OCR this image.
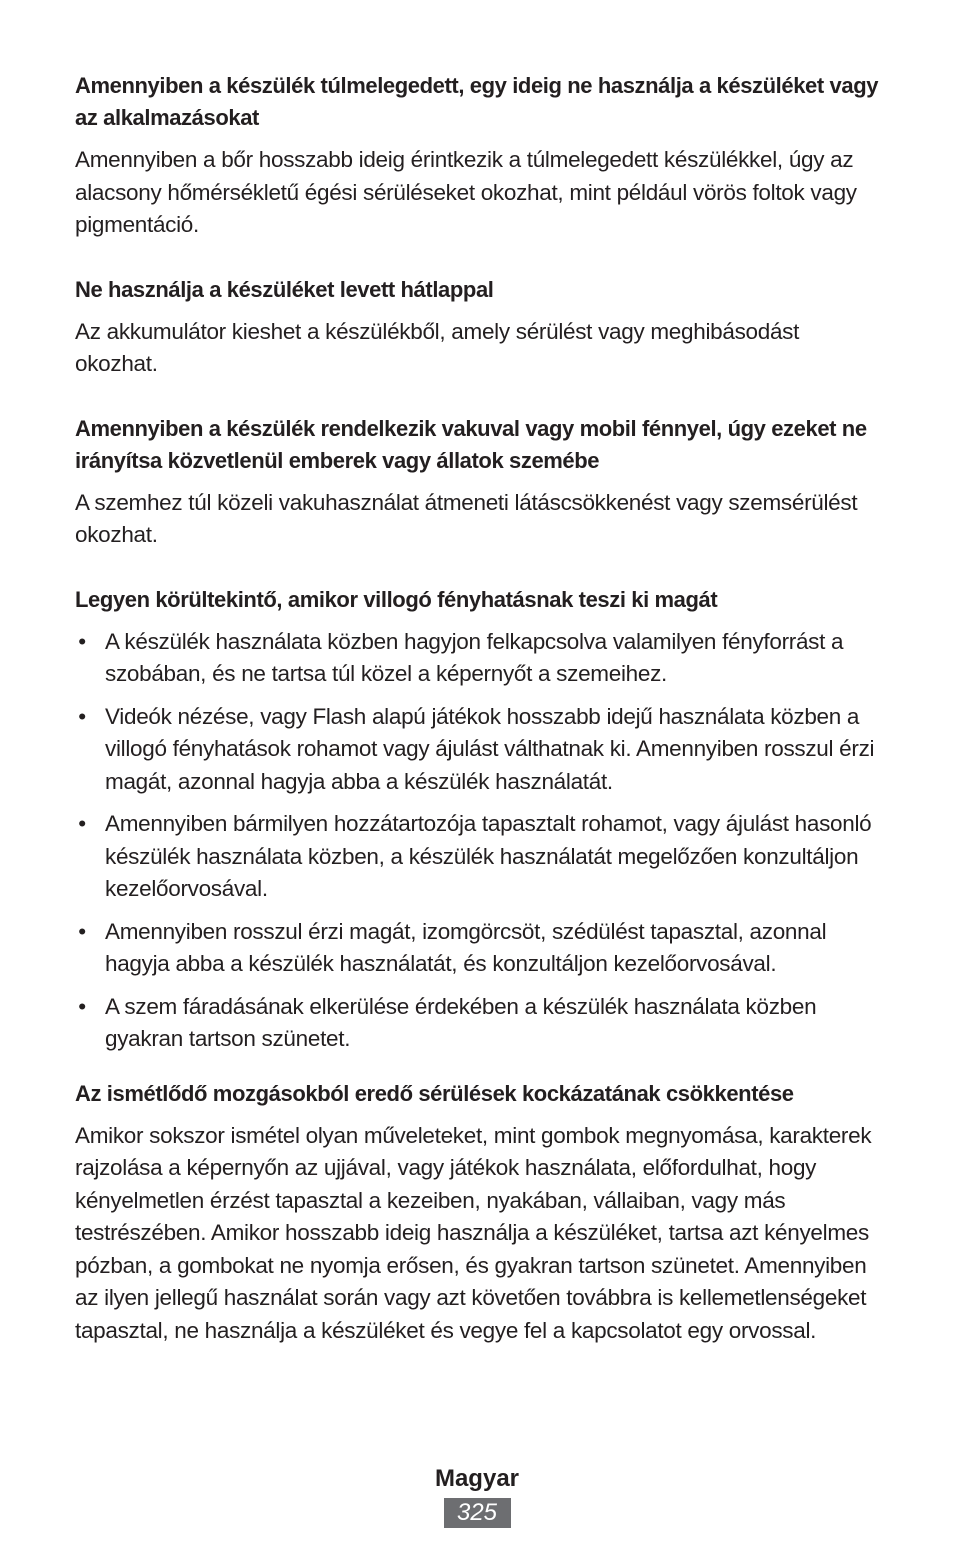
Amennyiben a készülék túlmelegedett, egy ideig ne használja a készüléket vagy az alkalmazásokat

Amennyiben a bőr hosszabb ideig érintkezik a túlmelegedett készülékkel, úgy az alacsony hőmérsékletű égési sérüléseket okozhat, mint például vörös foltok vagy pigmentáció.

Ne használja a készüléket levett hátlappal

Az akkumulátor kieshet a készülékből, amely sérülést vagy meghibásodást okozhat.

Amennyiben a készülék rendelkezik vakuval vagy mobil fénnyel, úgy ezeket ne irányítsa közvetlenül emberek vagy állatok szemébe

A szemhez túl közeli vakuhasználat átmeneti látáscsökkenést vagy szemsérülést okozhat.

Legyen körültekintő, amikor villogó fényhatásnak teszi ki magát

• A készülék használata közben hagyjon felkapcsolva valamilyen fényforrást a szobában, és ne tartsa túl közel a képernyőt a szemeihez.
• Videók nézése, vagy Flash alapú játékok hosszabb idejű használata közben a villogó fényhatások rohamot vagy ájulást válthatnak ki. Amennyiben rosszul érzi magát, azonnal hagyja abba a készülék használatát.
• Amennyiben bármilyen hozzátartozója tapasztalt rohamot, vagy ájulást hasonló készülék használata közben, a készülék használatát megelőzően konzultáljon kezelőorvosával.
• Amennyiben rosszul érzi magát, izomgörcsöt, szédülést tapasztal, azonnal hagyja abba a készülék használatát, és konzultáljon kezelőorvosával.
• A szem fáradásának elkerülése érdekében a készülék használata közben gyakran tartson szünetet.

Az ismétlődő mozgásokból eredő sérülések kockázatának csökkentése

Amikor sokszor ismétel olyan műveleteket, mint gombok megnyomása, karakterek rajzolása a képernyőn az ujjával, vagy játékok használata, előfordulhat, hogy kényelmetlen érzést tapasztal a kezeiben, nyakában, vállaiban, vagy más testrészében. Amikor hosszabb ideig használja a készüléket, tartsa azt kényelmes pózban, a gombokat ne nyomja erősen, és gyakran tartson szünetet. Amennyiben az ilyen jellegű használat során vagy azt követően továbbra is kellemetlenségeket tapasztal, ne használja a készüléket és vegye fel a kapcsolatot egy orvossal.

Magyar
325
